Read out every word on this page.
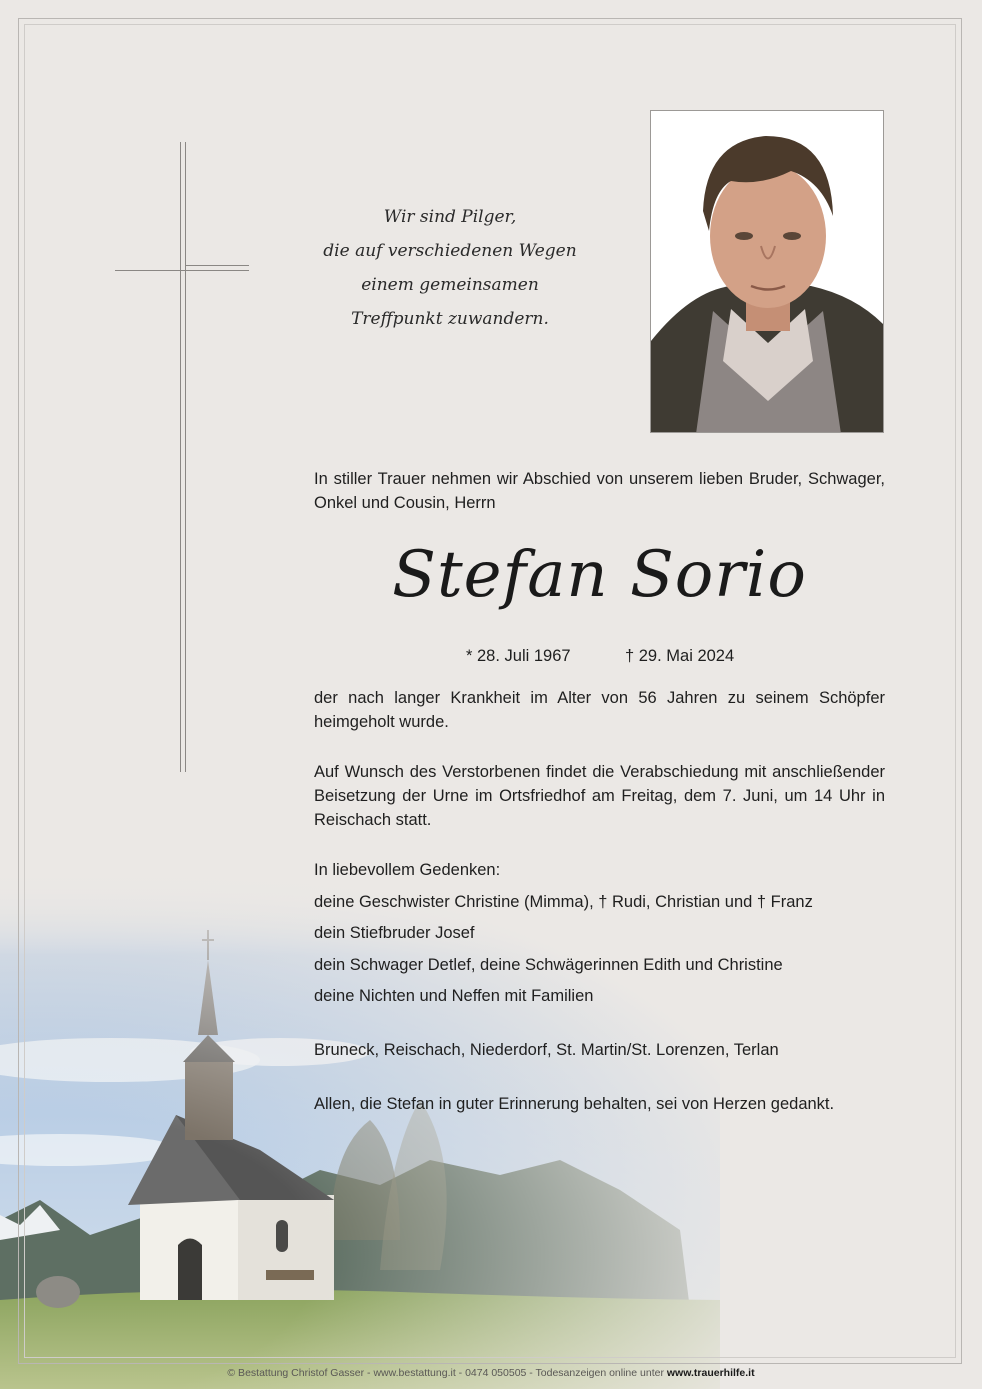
Wir sind Pilger,
die auf verschiedenen Wegen
einem gemeinsamen
Treffpunkt zuwandern.

In stiller Trauer nehmen wir Abschied von unserem lieben Bruder, Schwager, Onkel und Cousin, Herrn

Stefan Sorio

* 28. Juli 1967	† 29. Mai 2024

der nach langer Krankheit im Alter von 56 Jahren zu seinem Schöpfer heimgeholt wurde.

Auf Wunsch des Verstorbenen findet die Verabschiedung mit anschließender Beisetzung der Urne im Ortsfriedhof am Freitag, dem 7. Juni, um 14 Uhr in Reischach statt.

In liebevollem Gedenken:
deine Geschwister Christine (Mimma), † Rudi, Christian und † Franz
dein Stiefbruder Josef
dein Schwager Detlef, deine Schwägerinnen Edith und Christine
deine Nichten und Neffen mit Familien

Bruneck, Reischach, Niederdorf, St. Martin/St. Lorenzen, Terlan

Allen, die Stefan in guter Erinnerung behalten, sei von Herzen gedankt.

© Bestattung Christof Gasser - www.bestattung.it - 0474 050505 - Todesanzeigen online unter www.trauerhilfe.it
